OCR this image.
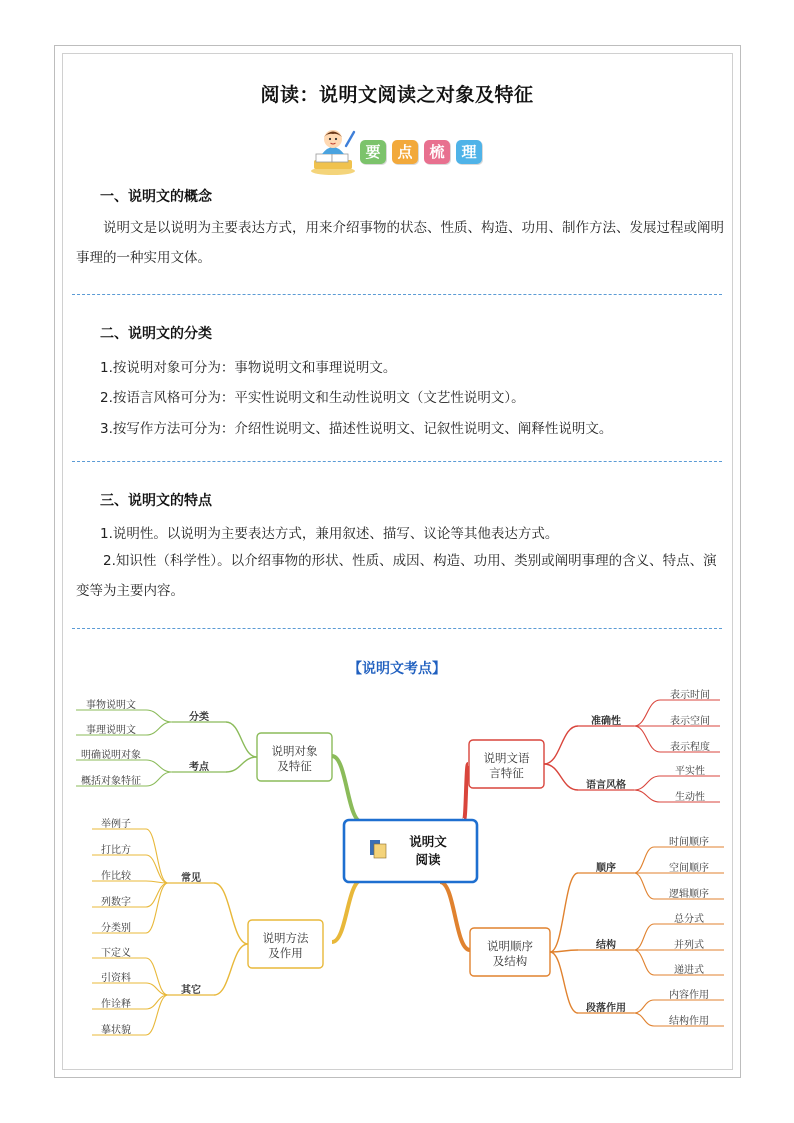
阅读：说明文阅读之对象及特征
要	点	梳	理
一、说明文的概念
说明文是以说明为主要表达方式，用来介绍事物的状态、性质、构造、功用、制作方法、发展过程或阐明事理的一种实用文体。
二、说明文的分类
1.按说明对象可分为：事物说明文和事理说明文。
2.按语言风格可分为：平实性说明文和生动性说明文（文艺性说明文）。
3.按写作方法可分为：介绍性说明文、描述性说明文、记叙性说明文、阐释性说明文。
三、说明文的特点
1.说明性。以说明为主要表达方式，兼用叙述、描写、议论等其他表达方式。
2.知识性（科学性）。以介绍事物的形状、性质、成因、构造、功用、类别或阐明事理的含义、特点、演变等为主要内容。
【说明文考点】
说明文
阅读
说明对象
及特征
分类
事物说明文
事理说明文
考点
明确说明对象
概括对象特征
说明方法
及作用
常见
举例子
打比方
作比较
列数字
分类别
其它
下定义
引资料
作诠释
摹状貌
说明文语
言特征
准确性
表示时间
表示空间
表示程度
语言风格
平实性
生动性
说明顺序
及结构
顺序
时间顺序
空间顺序
逻辑顺序
结构
总分式
并列式
递进式
段落作用
内容作用
结构作用
